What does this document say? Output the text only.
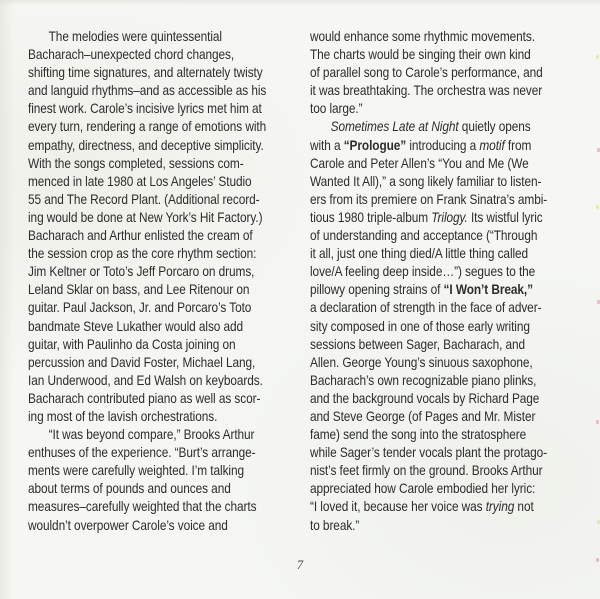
The melodies were quintessential
Bacharach–unexpected chord changes,
shifting time signatures, and alternately twisty
and languid rhythms–and as accessible as his
finest work. Carole’s incisive lyrics met him at
every turn, rendering a range of emotions with
empathy, directness, and deceptive simplicity.
With the songs completed, sessions com-
menced in late 1980 at Los Angeles’ Studio
55 and The Record Plant. (Additional record-
ing would be done at New York’s Hit Factory.)
Bacharach and Arthur enlisted the cream of
the session crop as the core rhythm section:
Jim Keltner or Toto’s Jeff Porcaro on drums,
Leland Sklar on bass, and Lee Ritenour on
guitar. Paul Jackson, Jr. and Porcaro’s Toto
bandmate Steve Lukather would also add
guitar, with Paulinho da Costa joining on
percussion and David Foster, Michael Lang,
Ian Underwood, and Ed Walsh on keyboards.
Bacharach contributed piano as well as scor-
ing most of the lavish orchestrations.
“It was beyond compare,” Brooks Arthur
enthuses of the experience. “Burt’s arrange-
ments were carefully weighted. I’m talking
about terms of pounds and ounces and
measures–carefully weighted that the charts
wouldn’t overpower Carole’s voice and
would enhance some rhythmic movements.
The charts would be singing their own kind
of parallel song to Carole’s performance, and
it was breathtaking. The orchestra was never
too large.”
Sometimes Late at Night quietly opens
with a “Prologue” introducing a motif from
Carole and Peter Allen’s “You and Me (We
Wanted It All),” a song likely familiar to listen-
ers from its premiere on Frank Sinatra’s ambi-
tious 1980 triple-album Trilogy. Its wistful lyric
of understanding and acceptance (“Through
it all, just one thing died/A little thing called
love/A feeling deep inside…”) segues to the
pillowy opening strains of “I Won’t Break,”
a declaration of strength in the face of adver-
sity composed in one of those early writing
sessions between Sager, Bacharach, and
Allen. George Young’s sinuous saxophone,
Bacharach’s own recognizable piano plinks,
and the background vocals by Richard Page
and Steve George (of Pages and Mr. Mister
fame) send the song into the stratosphere
while Sager’s tender vocals plant the protago-
nist’s feet firmly on the ground. Brooks Arthur
appreciated how Carole embodied her lyric:
“I loved it, because her voice was trying not
to break.”
7
